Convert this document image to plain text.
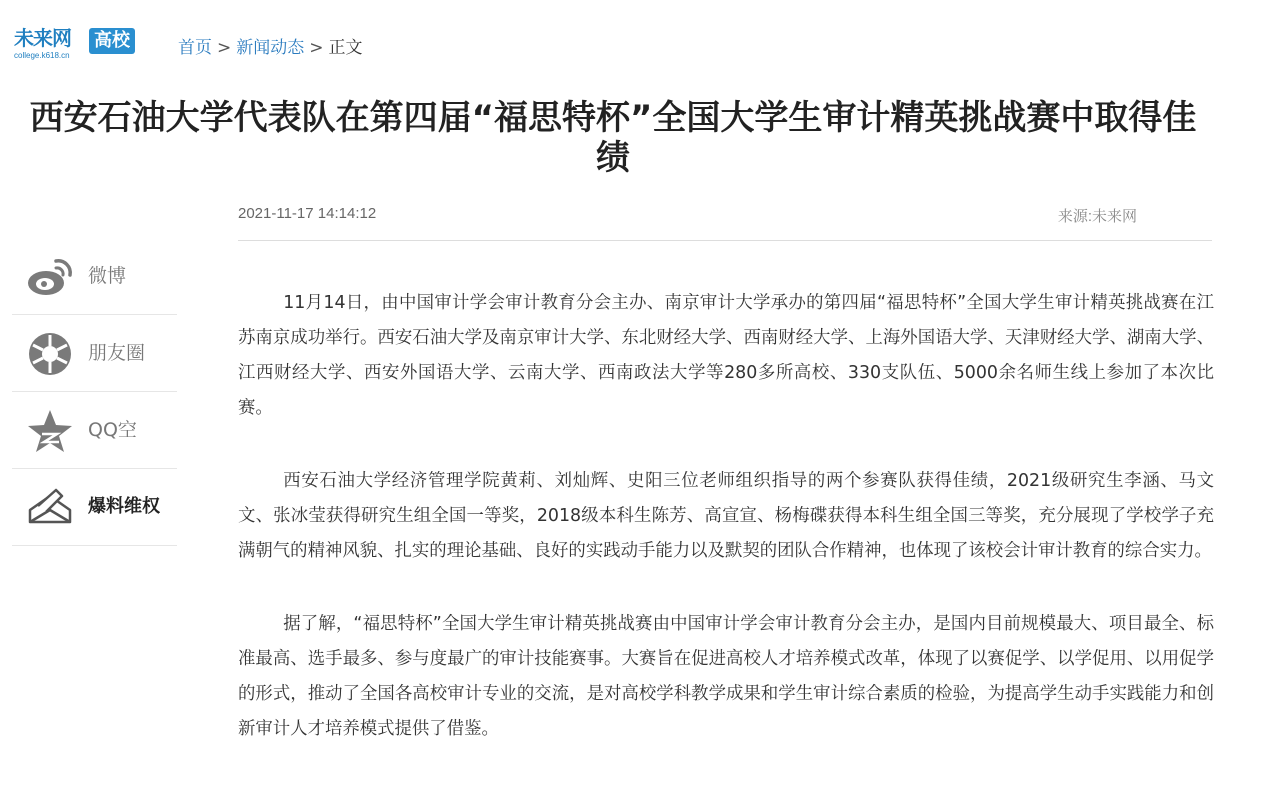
未来网 高校
college.k618.cn	首页 > 新闻动态 > 正文
西安石油大学代表队在第四届“福思特杯”全国大学生审计精英挑战赛中取得佳绩
2021-11-17 14:14:12	来源:未来网
微博
朋友圈
QQ空
爆料维权

11月14日，由中国审计学会审计教育分会主办、南京审计大学承办的第四届“福思特杯”全国大学生审计精英挑战赛在江苏南京成功举行。西安石油大学及南京审计大学、东北财经大学、西南财经大学、上海外国语大学、天津财经大学、湖南大学、江西财经大学、西安外国语大学、云南大学、西南政法大学等280多所高校、330支队伍、5000余名师生线上参加了本次比赛。

西安石油大学经济管理学院黄莉、刘灿辉、史阳三位老师组织指导的两个参赛队获得佳绩，2021级研究生李涵、马文文、张冰莹获得研究生组全国一等奖，2018级本科生陈芳、高宣宣、杨梅碟获得本科生组全国三等奖，充分展现了学校学子充满朝气的精神风貌、扎实的理论基础、良好的实践动手能力以及默契的团队合作精神，也体现了该校会计审计教育的综合实力。

据了解，“福思特杯”全国大学生审计精英挑战赛由中国审计学会审计教育分会主办，是国内目前规模最大、项目最全、标准最高、选手最多、参与度最广的审计技能赛事。大赛旨在促进高校人才培养模式改革，体现了以赛促学、以学促用、以用促学的形式，推动了全国各高校审计专业的交流，是对高校学科教学成果和学生审计综合素质的检验，为提高学生动手实践能力和创新审计人才培养模式提供了借鉴。
